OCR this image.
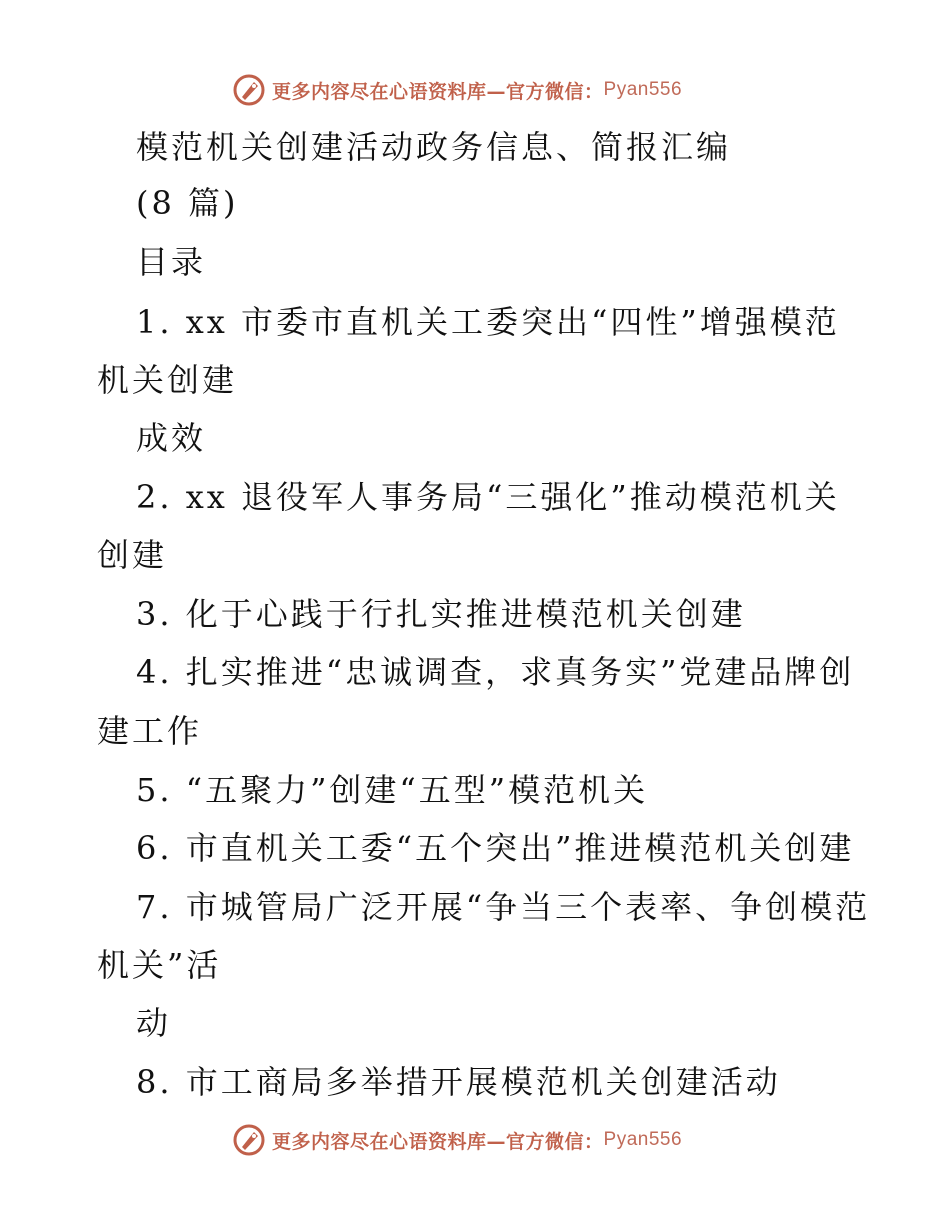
更多内容尽在心语资料库—官方微信： Pyan556
模范机关创建活动政务信息、简报汇编
(8 篇)
目录
1. xx 市委市直机关工委突出“四性”增强模范
机关创建
成效
2. xx 退役军人事务局“三强化”推动模范机关
创建
3. 化于心践于行扎实推进模范机关创建
4. 扎实推进“忠诚调查，求真务实”党建品牌创
建工作
5. “五聚力”创建“五型”模范机关
6. 市直机关工委“五个突出”推进模范机关创建
7. 市城管局广泛开展“争当三个表率、争创模范
机关”活
动
8. 市工商局多举措开展模范机关创建活动
更多内容尽在心语资料库—官方微信： Pyan556
